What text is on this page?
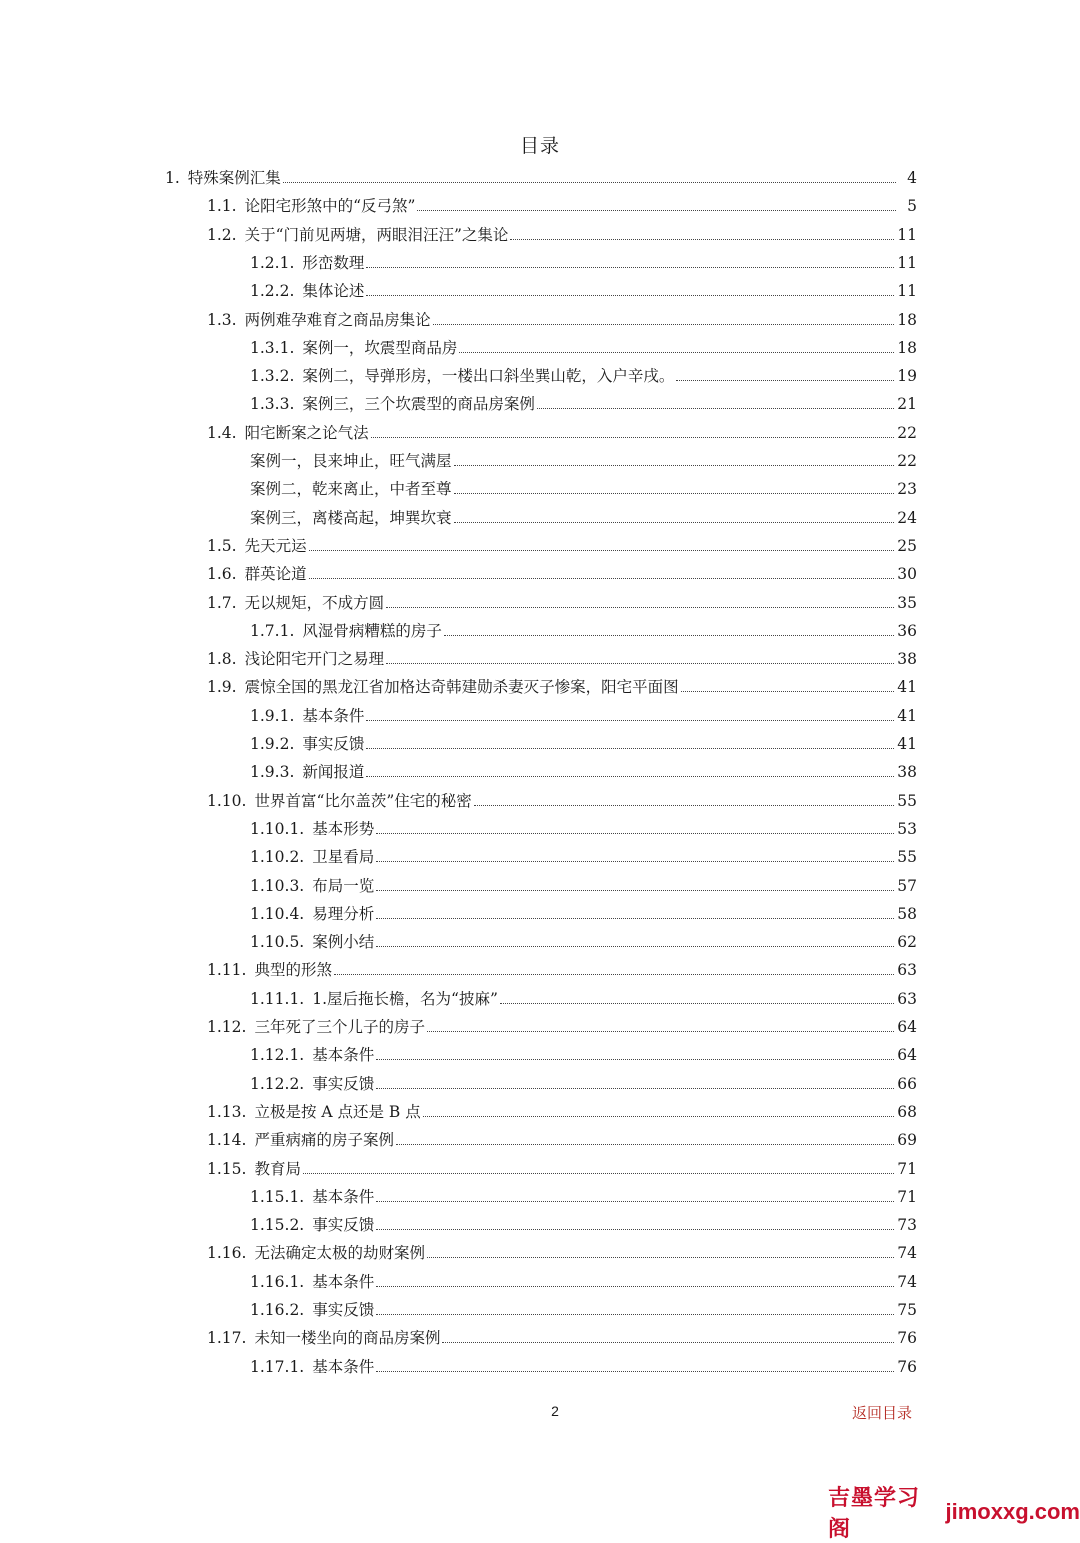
目录
1. 特殊案例汇集	4
1.1. 论阳宅形煞中的“反弓煞”	5
1.2. 关于“门前见两塘，两眼泪汪汪”之集论	11
1.2.1. 形峦数理	11
1.2.2. 集体论述	11
1.3. 两例难孕难育之商品房集论	18
1.3.1. 案例一，坎震型商品房	18
1.3.2. 案例二，导弹形房，一楼出口斜坐巽山乾，入户辛戌。	19
1.3.3. 案例三，三个坎震型的商品房案例	21
1.4. 阳宅断案之论气法	22
案例一，艮来坤止，旺气满屋	22
案例二，乾来离止，中者至尊	23
案例三，离楼高起，坤巽坎衰	24
1.5. 先天元运	25
1.6. 群英论道	30
1.7. 无以规矩，不成方圆	35
1.7.1. 风湿骨病糟糕的房子	36
1.8. 浅论阳宅开门之易理	38
1.9. 震惊全国的黑龙江省加格达奇韩建勋杀妻灭子惨案，阳宅平面图	41
1.9.1. 基本条件	41
1.9.2. 事实反馈	41
1.9.3. 新闻报道	38
1.10. 世界首富“比尔盖茨”住宅的秘密	55
1.10.1. 基本形势	53
1.10.2. 卫星看局	55
1.10.3. 布局一览	57
1.10.4. 易理分析	58
1.10.5. 案例小结	62
1.11. 典型的形煞	63
1.11.1. 1.屋后拖长檐，名为“披麻”	63
1.12. 三年死了三个儿子的房子	64
1.12.1. 基本条件	64
1.12.2. 事实反馈	66
1.13. 立极是按 A 点还是 B 点	68
1.14. 严重病痛的房子案例	69
1.15. 教育局	71
1.15.1. 基本条件	71
1.15.2. 事实反馈	73
1.16. 无法确定太极的劫财案例	74
1.16.1. 基本条件	74
1.16.2. 事实反馈	75
1.17. 未知一楼坐向的商品房案例	76
1.17.1. 基本条件	76
2	返回目录
吉墨学习阁
jimoxxg.com
